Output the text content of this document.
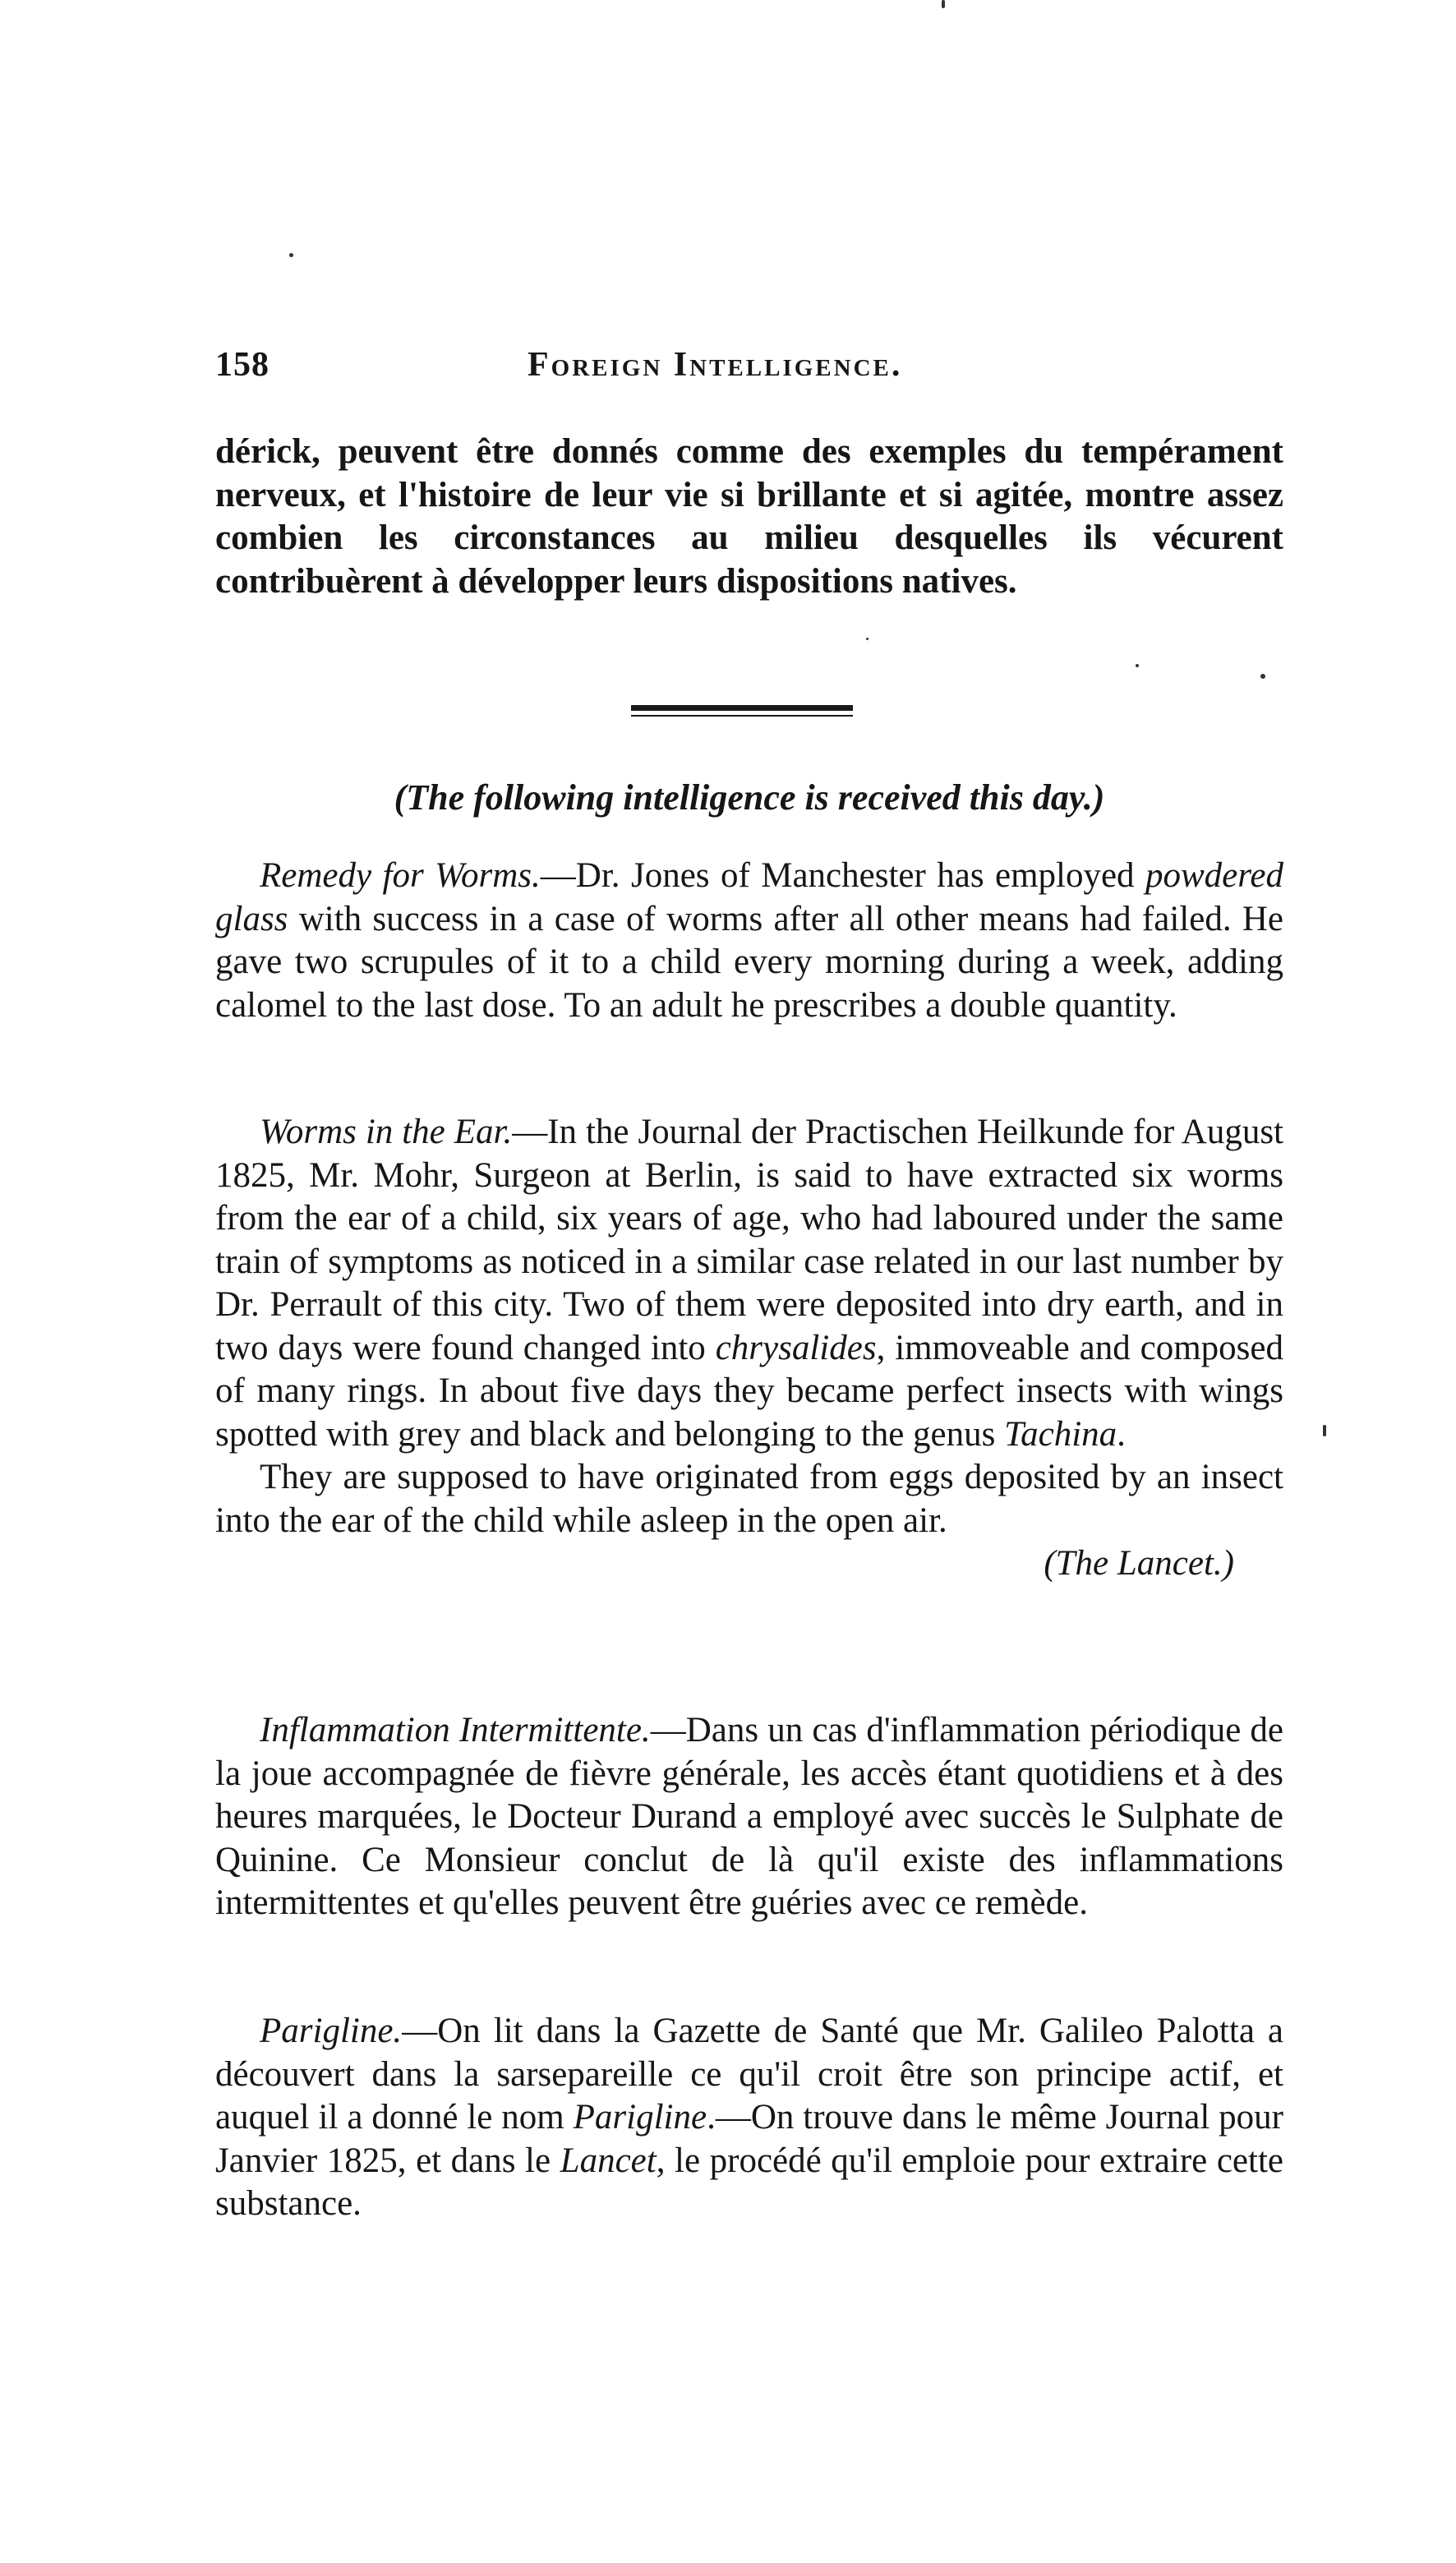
158	Foreign Intelligence.

dérick, peuvent être donnés comme des exemples du tempérament nerveux, et l'histoire de leur vie si brillante et si agitée, montre assez combien les circonstances au milieu desquelles ils vécurent contribuèrent à développer leurs dispositions natives.

(The following intelligence is received this day.)

Remedy for Worms.—Dr. Jones of Manchester has employed powdered glass with success in a case of worms after all other means had failed. He gave two scrupules of it to a child every morning during a week, adding calomel to the last dose. To an adult he prescribes a double quantity.

Worms in the Ear.—In the Journal der Practischen Heilkunde for August 1825, Mr. Mohr, Surgeon at Berlin, is said to have extracted six worms from the ear of a child, six years of age, who had laboured under the same train of symptoms as noticed in a similar case related in our last number by Dr. Perrault of this city. Two of them were deposited into dry earth, and in two days were found changed into chrysalides, immoveable and composed of many rings. In about five days they became perfect insects with wings spotted with grey and black and belonging to the genus Tachina.

They are supposed to have originated from eggs deposited by an insect into the ear of the child while asleep in the open air.

(The Lancet.)

Inflammation Intermittente.—Dans un cas d'inflammation périodique de la joue accompagnée de fièvre générale, les accès étant quotidiens et à des heures marquées, le Docteur Durand a employé avec succès le Sulphate de Quinine. Ce Monsieur conclut de là qu'il existe des inflammations intermittentes et qu'elles peuvent être guéries avec ce remède.

Parigline.—On lit dans la Gazette de Santé que Mr. Galileo Palotta a découvert dans la sarsepareille ce qu'il croit être son principe actif, et auquel il a donné le nom Parigline.—On trouve dans le même Journal pour Janvier 1825, et dans le Lancet, le procédé qu'il emploie pour extraire cette substance.
